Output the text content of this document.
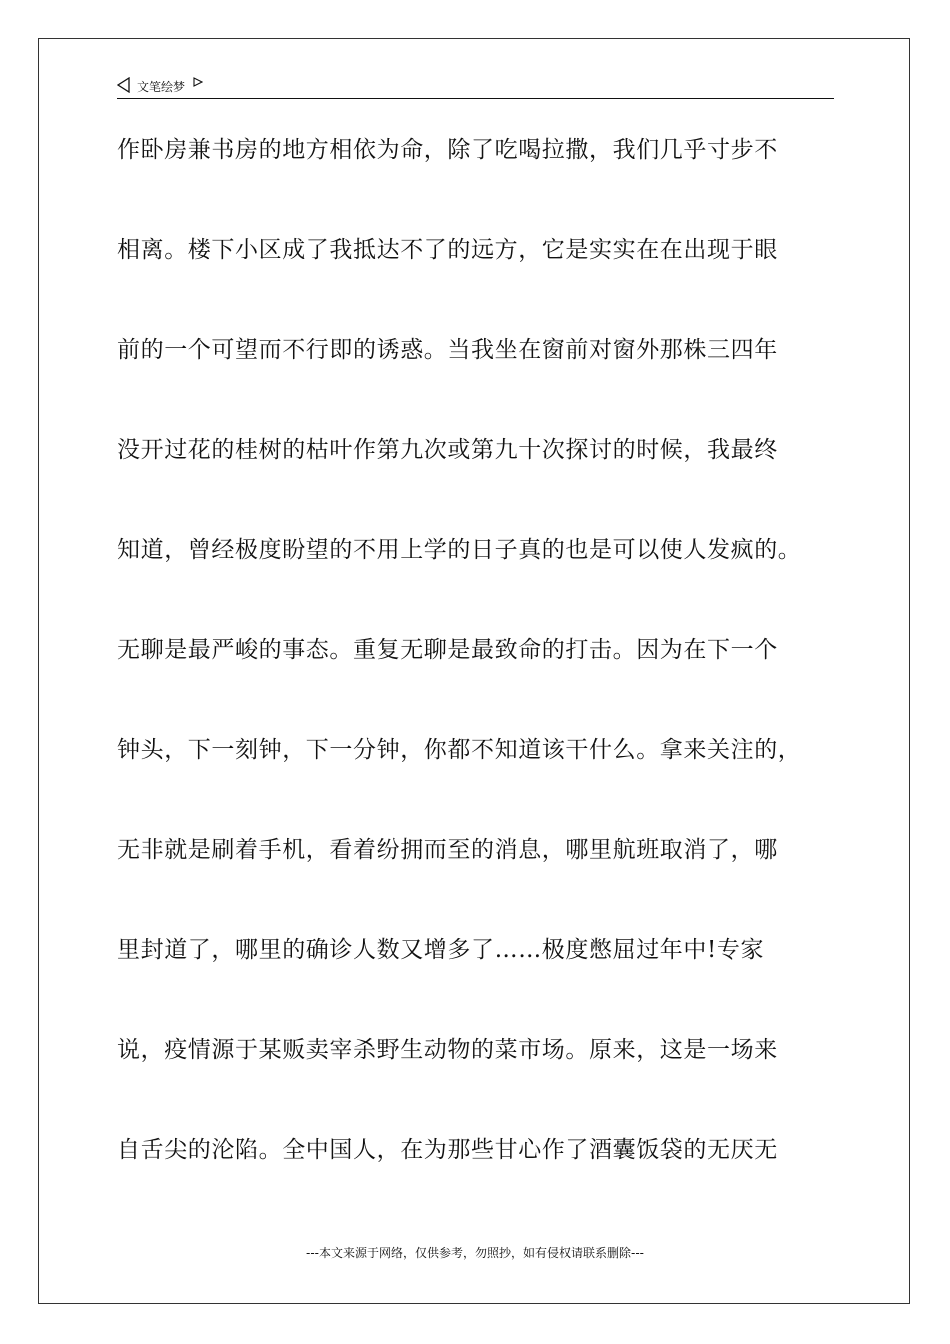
文笔绘梦
作卧房兼书房的地方相依为命，除了吃喝拉撒，我们几乎寸步不
相离。楼下小区成了我抵达不了的远方，它是实实在在出现于眼
前的一个可望而不行即的诱惑。当我坐在窗前对窗外那株三四年
没开过花的桂树的枯叶作第九次或第九十次探讨的时候，我最终
知道，曾经极度盼望的不用上学的日子真的也是可以使人发疯的。
无聊是最严峻的事态。重复无聊是最致命的打击。因为在下一个
钟头，下一刻钟，下一分钟，你都不知道该干什么。拿来关注的，
无非就是刷着手机，看着纷拥而至的消息，哪里航班取消了，哪
里封道了，哪里的确诊人数又增多了……极度憋屈过年中!专家
说，疫情源于某贩卖宰杀野生动物的菜市场。原来，这是一场来
自舌尖的沦陷。全中国人，在为那些甘心作了酒囊饭袋的无厌无
---本文来源于网络，仅供参考，勿照抄，如有侵权请联系删除---
